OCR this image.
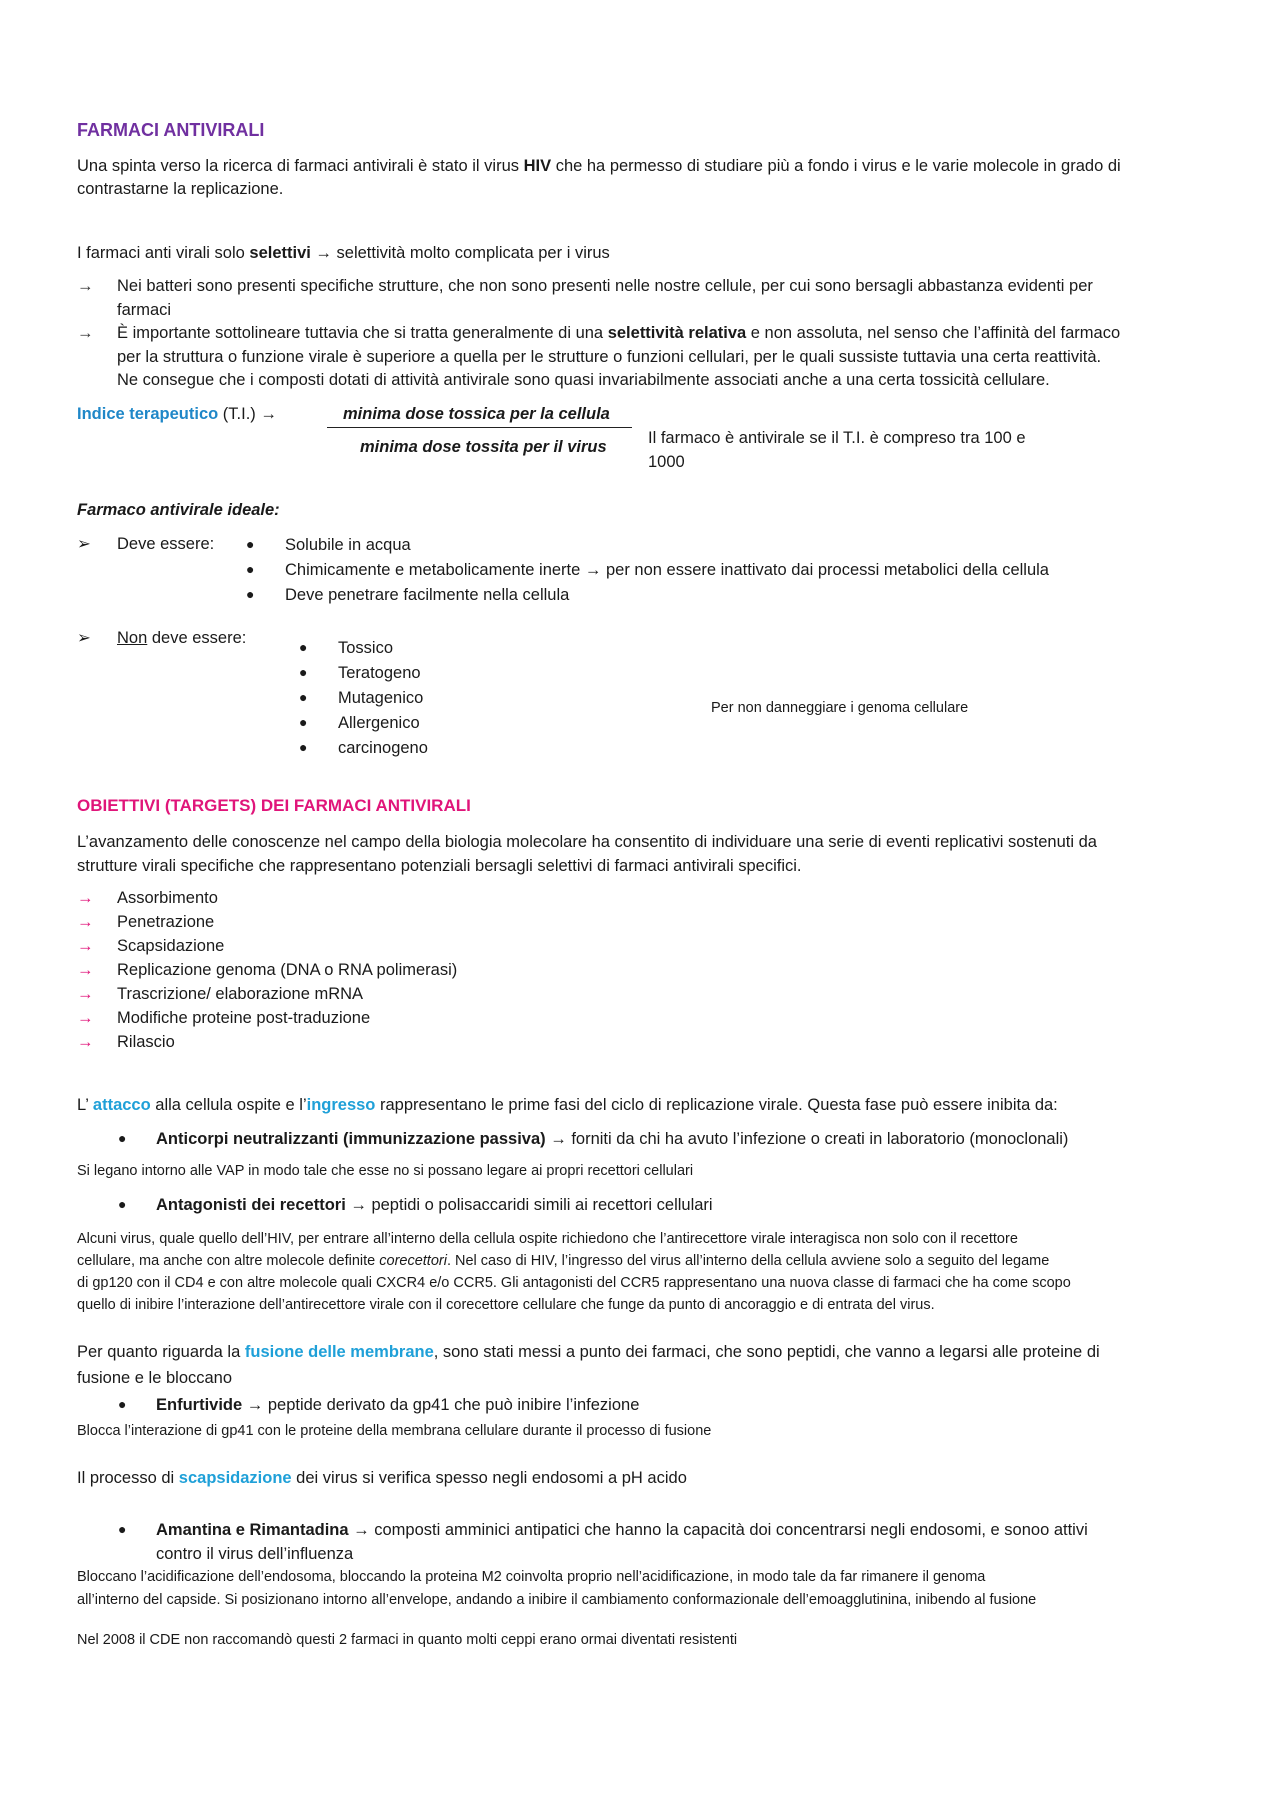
FARMACI ANTIVIRALI
Una spinta verso la ricerca di farmaci antivirali è stato il virus HIV che ha permesso di studiare più a fondo i virus e le varie molecole in grado di
contrastarne la replicazione.
I farmaci anti virali solo selettivi → selettività molto complicata per i virus
→ Nei batteri sono presenti specifiche strutture, che non sono presenti nelle nostre cellule, per cui sono bersagli abbastanza evidenti per
farmaci
→ È importante sottolineare tuttavia che si tratta generalmente di una selettività relativa e non assoluta, nel senso che l’affinità del farmaco
per la struttura o funzione virale è superiore a quella per le strutture o funzioni cellulari, per le quali sussiste tuttavia una certa reattività.
Ne consegue che i composti dotati di attività antivirale sono quasi invariabilmente associati anche a una certa tossicità cellulare.
Indice terapeutico (T.I.) →	minima dose tossica per la cellula
minima dose tossita per il virus	Il farmaco è antivirale se il T.I. è compreso tra 100 e
1000
Farmaco antivirale ideale:
➢ Deve essere: ● Solubile in acqua
● Chimicamente e metabolicamente inerte → per non essere inattivato dai processi metabolici della cellula
● Deve penetrare facilmente nella cellula
➢ Non deve essere:	● Tossico
● Teratogeno
● Mutagenico
● Allergenico
● carcinogeno
Per non danneggiare i genoma cellulare
OBIETTIVI (TARGETS) DEI FARMACI ANTIVIRALI
L’avanzamento delle conoscenze nel campo della biologia molecolare ha consentito di individuare una serie di eventi replicativi sostenuti da
strutture virali specifiche che rappresentano potenziali bersagli selettivi di farmaci antivirali specifici.
→ Assorbimento
→ Penetrazione
→ Scapsidazione
→ Replicazione genoma (DNA o RNA polimerasi)
→ Trascrizione/ elaborazione mRNA
→ Modifiche proteine post-traduzione
→ Rilascio
L’ attacco alla cellula ospite e l’ingresso rappresentano le prime fasi del ciclo di replicazione virale. Questa fase può essere inibita da:
● Anticorpi neutralizzanti (immunizzazione passiva) → forniti da chi ha avuto l’infezione o creati in laboratorio (monoclonali)
Si legano intorno alle VAP in modo tale che esse no si possano legare ai propri recettori cellulari
● Antagonisti dei recettori → peptidi o polisaccaridi simili ai recettori cellulari
Alcuni virus, quale quello dell’HIV, per entrare all’interno della cellula ospite richiedono che l’antirecettore virale interagisca non solo con il recettore
cellulare, ma anche con altre molecole definite corecettori. Nel caso di HIV, l’ingresso del virus all’interno della cellula avviene solo a seguito del legame
di gp120 con il CD4 e con altre molecole quali CXCR4 e/o CCR5. Gli antagonisti del CCR5 rappresentano una nuova classe di farmaci che ha come scopo
quello di inibire l’interazione dell’antirecettore virale con il corecettore cellulare che funge da punto di ancoraggio e di entrata del virus.
Per quanto riguarda la fusione delle membrane, sono stati messi a punto dei farmaci, che sono peptidi, che vanno a legarsi alle proteine di
fusione e le bloccano
● Enfurtivide → peptide derivato da gp41 che può inibire l’infezione
Blocca l’interazione di gp41 con le proteine della membrana cellulare durante il processo di fusione
Il processo di scapsidazione dei virus si verifica spesso negli endosomi a pH acido
● Amantina e Rimantadina → composti amminici antipatici che hanno la capacità doi concentrarsi negli endosomi, e sonoo attivi
contro il virus dell’influenza
Bloccano l’acidificazione dell’endosoma, bloccando la proteina M2 coinvolta proprio nell’acidificazione, in modo tale da far rimanere il genoma
all’interno del capside. Si posizionano intorno all’envelope, andando a inibire il cambiamento conformazionale dell’emoagglutinina, inibendo al fusione
Nel 2008 il CDE non raccomandò questi 2 farmaci in quanto molti ceppi erano ormai diventati resistenti
